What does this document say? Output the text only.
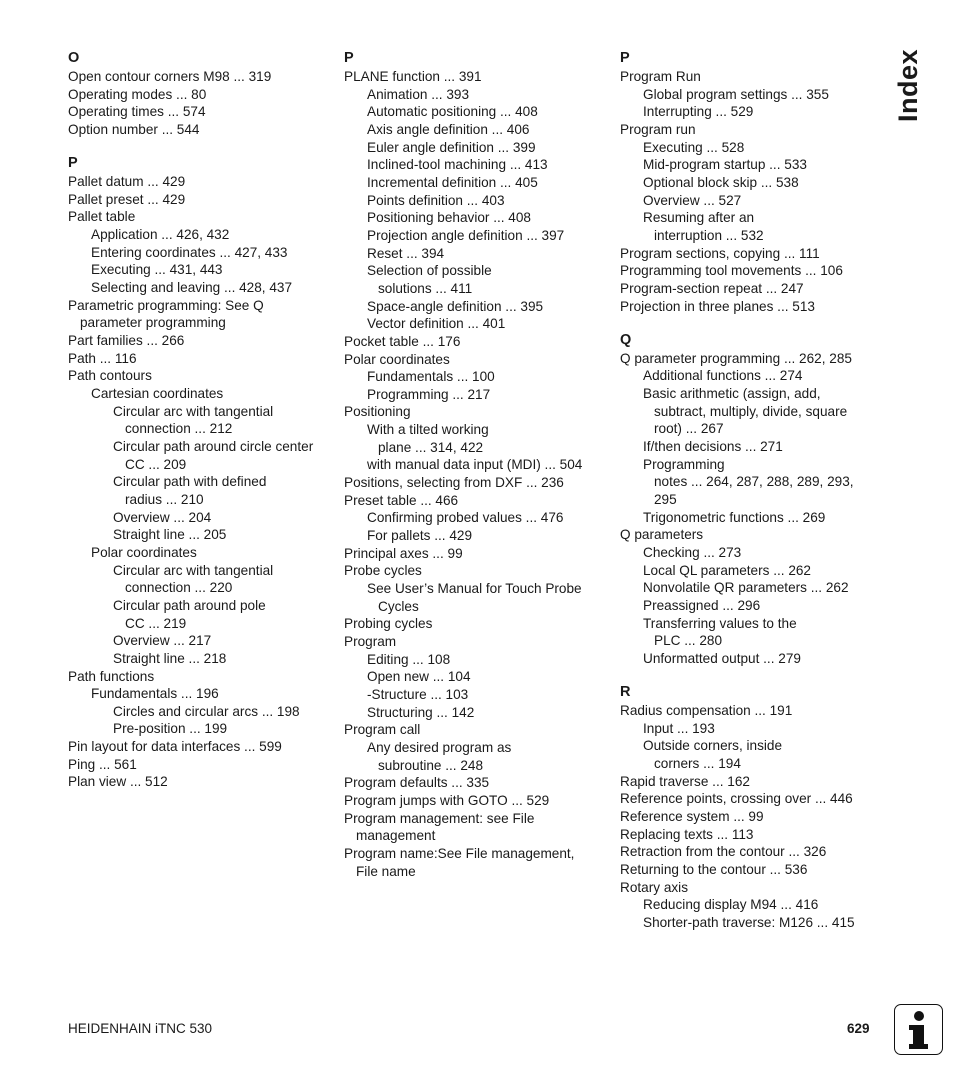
O
Open contour corners M98 ... 319
Operating modes ... 80
Operating times ... 574
Option number ... 544
P
Pallet datum ... 429
Pallet preset ... 429
Pallet table
Application ... 426, 432
Entering coordinates ... 427, 433
Executing ... 431, 443
Selecting and leaving ... 428, 437
Parametric programming: See Q
parameter programming
Part families ... 266
Path ... 116
Path contours
Cartesian coordinates
Circular arc with tangential
connection ... 212
Circular path around circle center
CC ... 209
Circular path with defined
radius ... 210
Overview ... 204
Straight line ... 205
Polar coordinates
Circular arc with tangential
connection ... 220
Circular path around pole
CC ... 219
Overview ... 217
Straight line ... 218
Path functions
Fundamentals ... 196
Circles and circular arcs ... 198
Pre-position ... 199
Pin layout for data interfaces ... 599
Ping ... 561
Plan view ... 512
P
PLANE function ... 391
Animation ... 393
Automatic positioning ... 408
Axis angle definition ... 406
Euler angle definition ... 399
Inclined-tool machining ... 413
Incremental definition ... 405
Points definition ... 403
Positioning behavior ... 408
Projection angle definition ... 397
Reset ... 394
Selection of possible
solutions ... 411
Space-angle definition ... 395
Vector definition ... 401
Pocket table ... 176
Polar coordinates
Fundamentals ... 100
Programming ... 217
Positioning
With a tilted working
plane ... 314, 422
with manual data input (MDI) ... 504
Positions, selecting from DXF ... 236
Preset table ... 466
Confirming probed values ... 476
For pallets ... 429
Principal axes ... 99
Probe cycles
See User’s Manual for Touch Probe
Cycles
Probing cycles
Program
Editing ... 108
Open new ... 104
-Structure ... 103
Structuring ... 142
Program call
Any desired program as
subroutine ... 248
Program defaults ... 335
Program jumps with GOTO ... 529
Program management: see File
management
Program name:See File management,
File name
P
Program Run
Global program settings ... 355
Interrupting ... 529
Program run
Executing ... 528
Mid-program startup ... 533
Optional block skip ... 538
Overview ... 527
Resuming after an
interruption ... 532
Program sections, copying ... 111
Programming tool movements ... 106
Program-section repeat ... 247
Projection in three planes ... 513
Q
Q parameter programming ... 262, 285
Additional functions ... 274
Basic arithmetic (assign, add,
subtract, multiply, divide, square
root) ... 267
If/then decisions ... 271
Programming
notes ... 264, 287, 288, 289, 293,
295
Trigonometric functions ... 269
Q parameters
Checking ... 273
Local QL parameters ... 262
Nonvolatile QR parameters ... 262
Preassigned ... 296
Transferring values to the
PLC ... 280
Unformatted output ... 279
R
Radius compensation ... 191
Input ... 193
Outside corners, inside
corners ... 194
Rapid traverse ... 162
Reference points, crossing over ... 446
Reference system ... 99
Replacing texts ... 113
Retraction from the contour ... 326
Returning to the contour ... 536
Rotary axis
Reducing display M94 ... 416
Shorter-path traverse: M126 ... 415
Index
HEIDENHAIN iTNC 530	629
